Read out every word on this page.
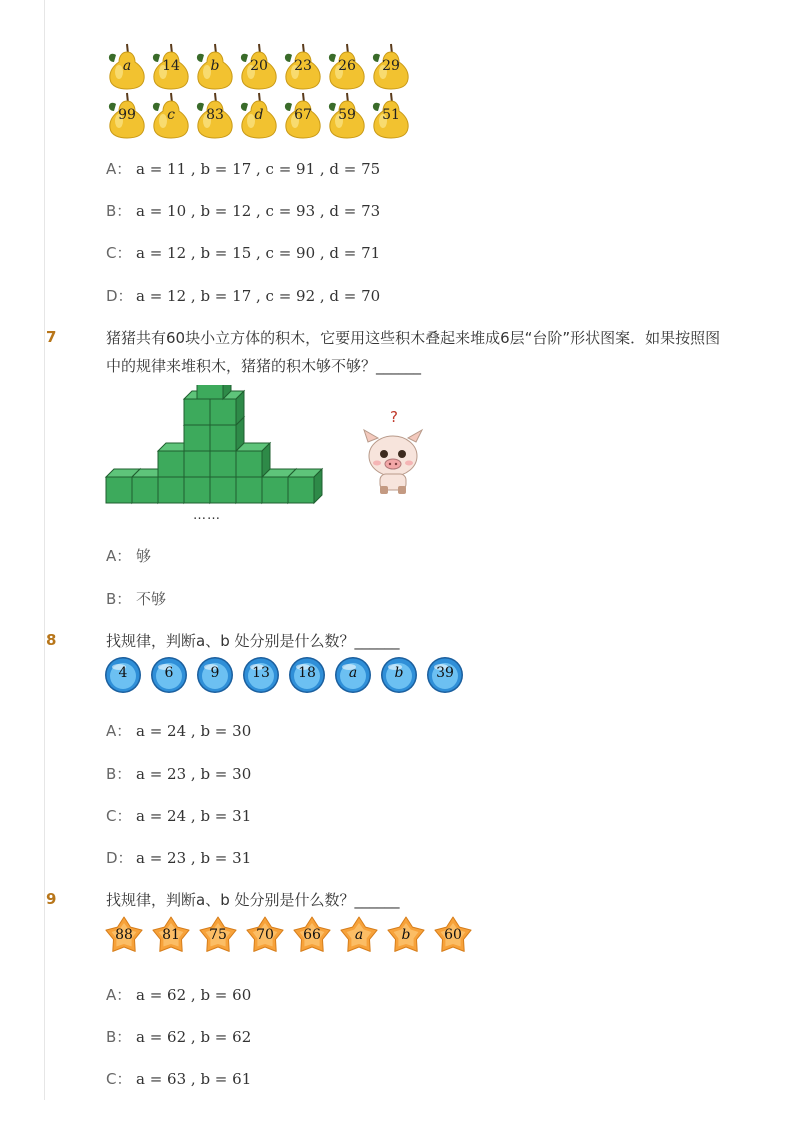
a	14	b	20	23	26	29
99	c	83	d	67	59	51
A： a = 11 , b = 17 , c = 91 , d = 75
B： a = 10 , b = 12 , c = 93 , d = 73
C： a = 12 , b = 15 , c = 90 , d = 71
D： a = 12 , b = 17 , c = 92 , d = 70
7	猪猪共有60块小立方体的积木，它要用这些积木叠起来堆成6层“台阶”形状图案．如果按照图中的规律来堆积木，猪猪的积木够不够？______
……
?
A： 够
B： 不够
8	找规律，判断a、b 处分别是什么数？______
4	6	9	13	18	a	b	39
A： a = 24 , b = 30
B： a = 23 , b = 30
C： a = 24 , b = 31
D： a = 23 , b = 31
9	找规律，判断a、b 处分别是什么数？______
88	81	75	70	66	a	b	60
A： a = 62 , b = 60
B： a = 62 , b = 62
C： a = 63 , b = 61
